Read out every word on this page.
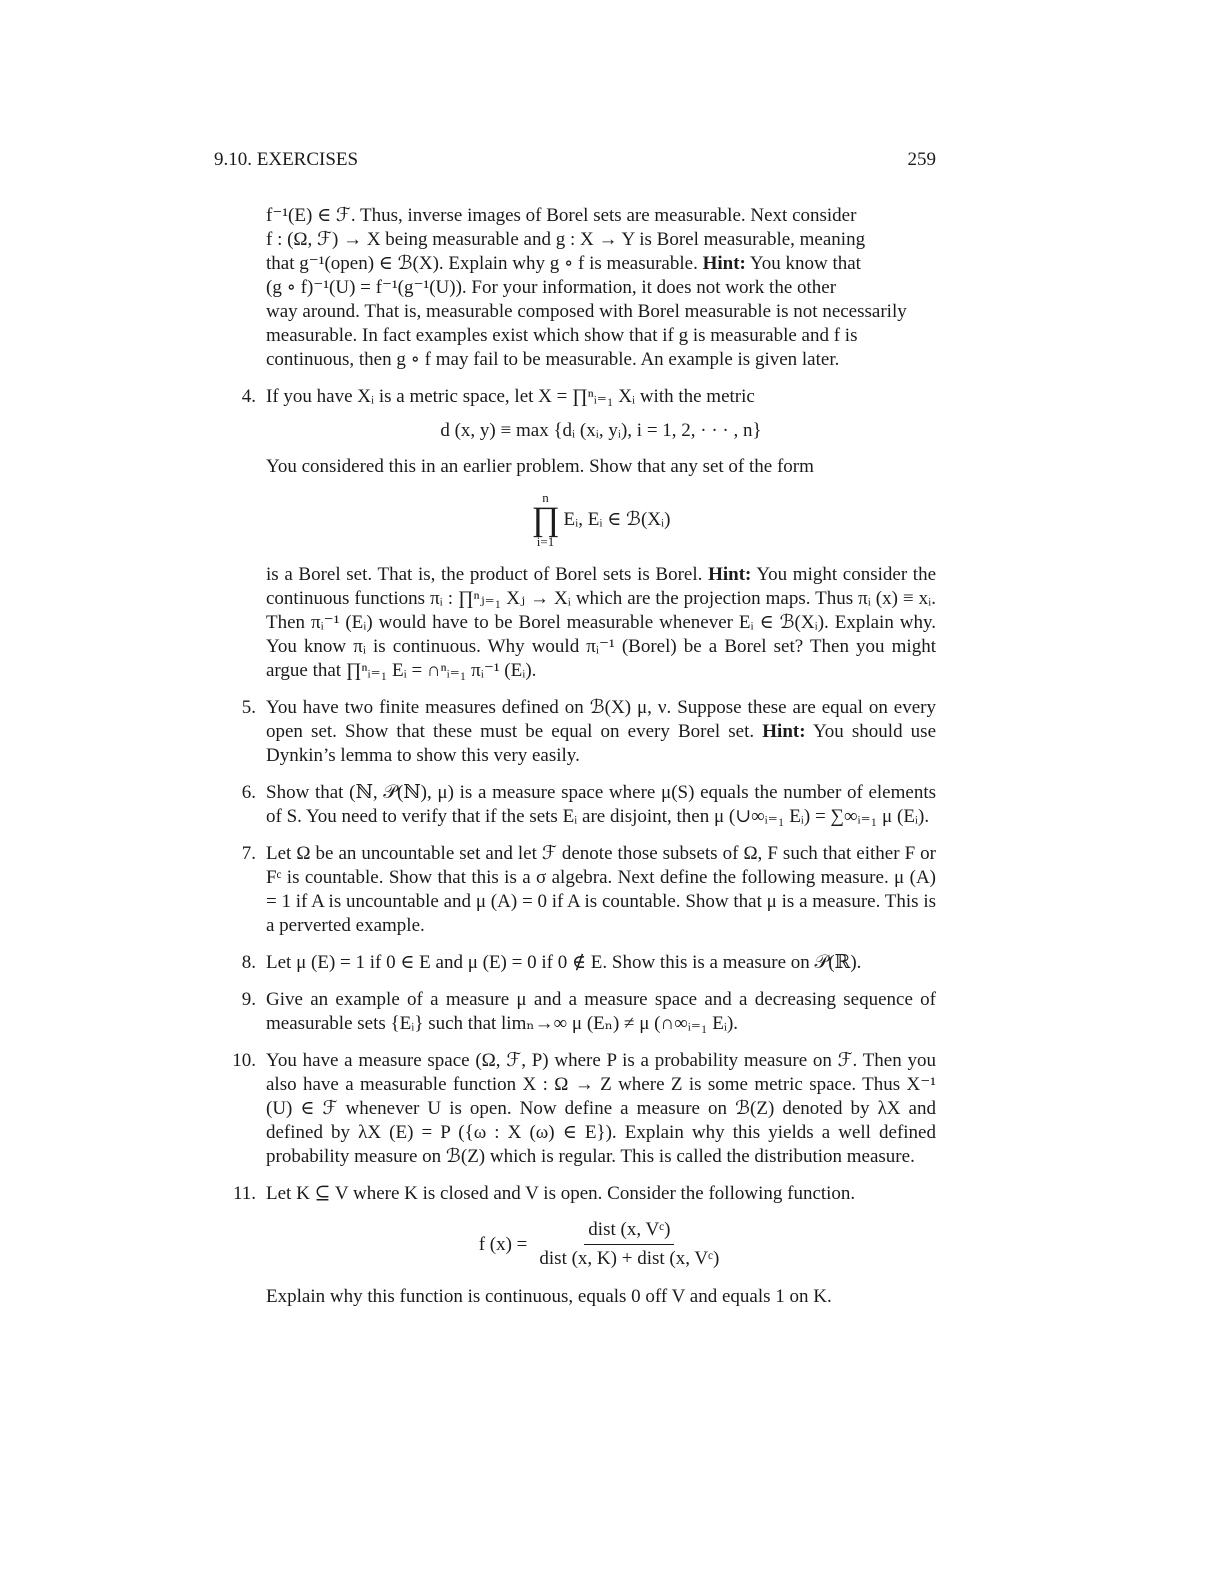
9.10. EXERCISES	259
f⁻¹(E) ∈ ℱ. Thus, inverse images of Borel sets are measurable. Next consider
f : (Ω, ℱ) → X being measurable and g : X → Y is Borel measurable, meaning
that g⁻¹(open) ∈ ℬ(X). Explain why g ∘ f is measurable. Hint: You know that
(g ∘ f)⁻¹(U) = f⁻¹(g⁻¹(U)). For your information, it does not work the other
way around. That is, measurable composed with Borel measurable is not necessarily
measurable. In fact examples exist which show that if g is measurable and f is
continuous, then g ∘ f may fail to be measurable. An example is given later.
4. If you have Xᵢ is a metric space, let X = ∏ⁿᵢ₌₁ Xᵢ with the metric
d (x, y) ≡ max {dᵢ (xᵢ, yᵢ), i = 1, 2, · · · , n}
You considered this in an earlier problem. Show that any set of the form
n
∏
i=1
Eᵢ, Eᵢ ∈ ℬ(Xᵢ)
is a Borel set. That is, the product of Borel sets is Borel. Hint: You might consider the continuous functions πᵢ : ∏ⁿⱼ₌₁ Xⱼ → Xᵢ which are the projection maps. Thus πᵢ (x) ≡ xᵢ. Then πᵢ⁻¹ (Eᵢ) would have to be Borel measurable whenever Eᵢ ∈ ℬ(Xᵢ). Explain why. You know πᵢ is continuous. Why would πᵢ⁻¹ (Borel) be a Borel set? Then you might argue that ∏ⁿᵢ₌₁ Eᵢ = ∩ⁿᵢ₌₁ πᵢ⁻¹ (Eᵢ).
5. You have two finite measures defined on ℬ(X) μ, ν. Suppose these are equal on every open set. Show that these must be equal on every Borel set. Hint: You should use Dynkin’s lemma to show this very easily.
6. Show that (ℕ, 𝒫(ℕ), μ) is a measure space where μ(S) equals the number of elements of S. You need to verify that if the sets Eᵢ are disjoint, then μ (∪∞ᵢ₌₁ Eᵢ) = ∑∞ᵢ₌₁ μ (Eᵢ).
7. Let Ω be an uncountable set and let ℱ denote those subsets of Ω, F such that either F or Fᶜ is countable. Show that this is a σ algebra. Next define the following measure. μ (A) = 1 if A is uncountable and μ (A) = 0 if A is countable. Show that μ is a measure. This is a perverted example.
8. Let μ (E) = 1 if 0 ∈ E and μ (E) = 0 if 0 ∉ E. Show this is a measure on 𝒫(ℝ).
9. Give an example of a measure μ and a measure space and a decreasing sequence of measurable sets {Eᵢ} such that limₙ→∞ μ (Eₙ) ≠ μ (∩∞ᵢ₌₁ Eᵢ).
10. You have a measure space (Ω, ℱ, P) where P is a probability measure on ℱ. Then you also have a measurable function X : Ω → Z where Z is some metric space. Thus X⁻¹ (U) ∈ ℱ whenever U is open. Now define a measure on ℬ(Z) denoted by λX and defined by λX (E) = P ({ω : X (ω) ∈ E}). Explain why this yields a well defined probability measure on ℬ(Z) which is regular. This is called the distribution measure.
11. Let K ⊆ V where K is closed and V is open. Consider the following function.
f $(x) = \frac{\text{dist (x, Vᶜ)}}{\text{dist (x, K) + dist (x, Vᶜ)}}$
Explain why this function is continuous, equals 0 off V and equals 1 on K.
